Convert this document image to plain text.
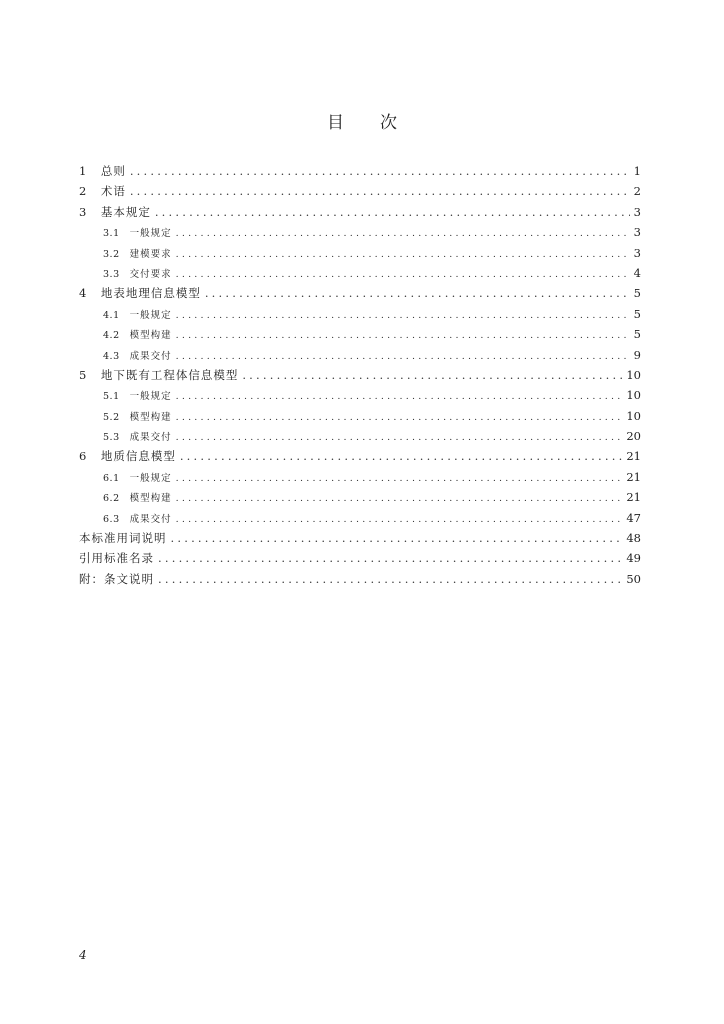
目次
1 总则 .....	1
2 术语 .....	2
3 基本规定 .....	3
3.1 一般规定 .....	3
3.2 建模要求 .....	3
3.3 交付要求 .....	4
4 地表地理信息模型 .....	5
4.1 一般规定 .....	5
4.2 模型构建 .....	5
4.3 成果交付 .....	9
5 地下既有工程体信息模型 .....	10
5.1 一般规定 .....	10
5.2 模型构建 .....	10
5.3 成果交付 .....	20
6 地质信息模型 .....	21
6.1 一般规定 .....	21
6.2 模型构建 .....	21
6.3 成果交付 .....	47
本标准用词说明 .....	48
引用标准名录 .....	49
附：条文说明 .....	50
4
